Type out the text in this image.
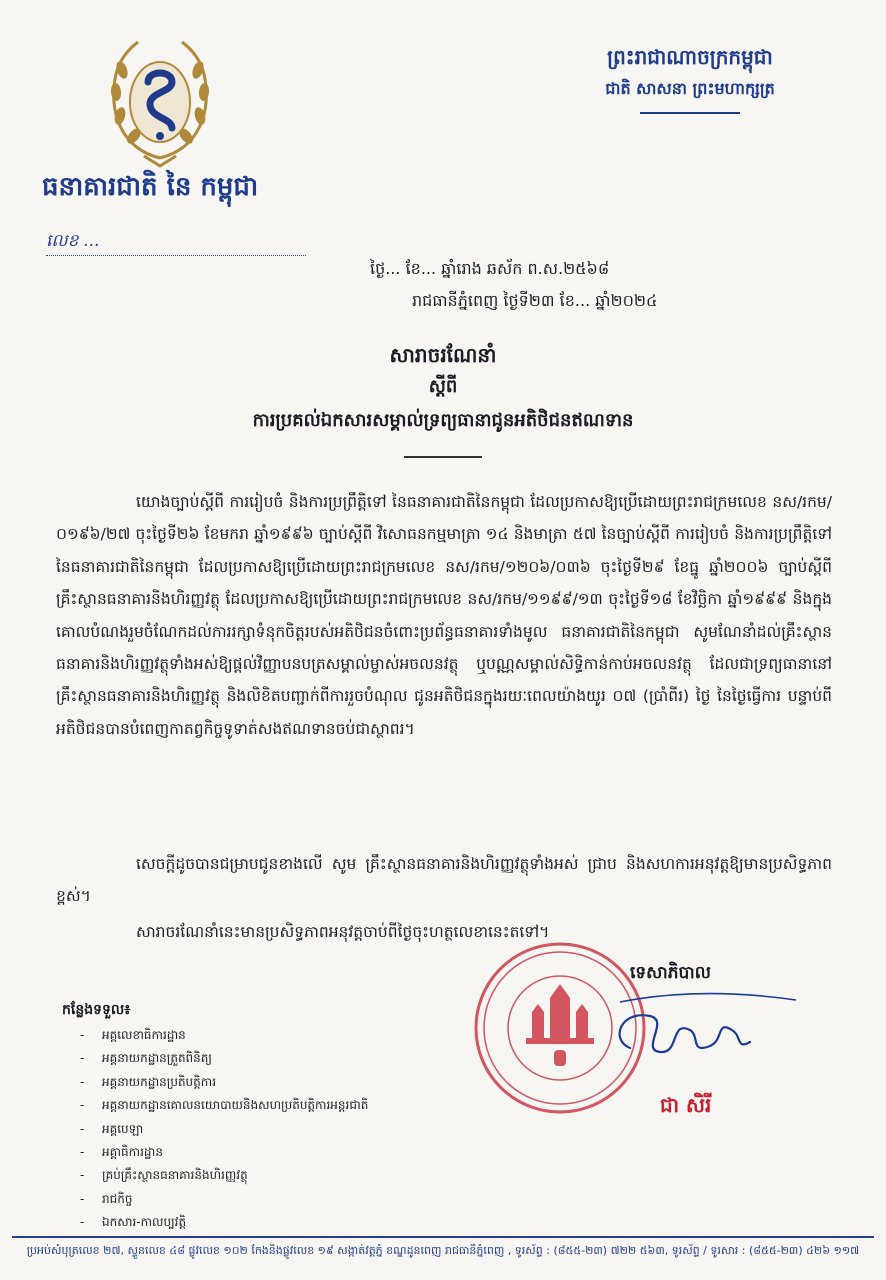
ធនាគារជាតិ នៃ កម្ពុជា
លេខ ...
ព្រះរាជាណាចក្រកម្ពុជា
ជាតិ សាសនា ព្រះមហាក្សត្រ
ថ្ងៃ... ខែ... ឆ្នាំរោង ឆស័ក ព.ស.២៥៦៨
រាជធានីភ្នំពេញ ថ្ងៃទី២៣ ខែ... ឆ្នាំ២០២៤
សារាចរណែនាំ
ស្តីពី
ការប្រគល់ឯកសារសម្គាល់ទ្រព្យធានាជូនអតិថិជនឥណទាន
យោងច្បាប់ស្តីពី ការរៀបចំ និងការប្រព្រឹត្តិទៅ នៃធនាគារជាតិនៃកម្ពុជា ដែលប្រកាសឱ្យប្រើដោយព្រះរាជក្រមលេខ នស/រកម/០១៩៦/២៧ ចុះថ្ងៃទី២៦ ខែមករា ឆ្នាំ១៩៩៦ ច្បាប់ស្តីពី វិសោធនកម្មមាត្រា ១៤ និងមាត្រា ៥៧ នៃច្បាប់ស្តីពី ការរៀបចំ និងការប្រព្រឹត្តិទៅនៃធនាគារជាតិនៃកម្ពុជា ដែលប្រកាសឱ្យប្រើដោយព្រះរាជក្រមលេខ នស/រកម/១២០៦/០៣៦ ចុះថ្ងៃទី២៩ ខែធ្នូ ឆ្នាំ២០០៦ ច្បាប់ស្តីពី គ្រឹះស្ថានធនាគារនិងហិរញ្ញវត្ថុ ដែលប្រកាសឱ្យប្រើដោយព្រះរាជក្រមលេខ នស/រកម/១១៩៩/១៣ ចុះថ្ងៃទី១៨ ខែវិច្ឆិកា ឆ្នាំ១៩៩៩ និងក្នុងគោលបំណងរួមចំណែកដល់ការរក្សាទំនុកចិត្តរបស់អតិថិជនចំពោះប្រព័ន្ធធនាគារទាំងមូល ធនាគារជាតិនៃកម្ពុជា សូមណែនាំដល់គ្រឹះស្ថានធនាគារនិងហិរញ្ញវត្ថុទាំងអស់ឱ្យផ្តល់វិញ្ញាបនបត្រសម្គាល់ម្ចាស់អចលនវត្ថុ ឬបណ្ណសម្គាល់សិទ្ធិកាន់កាប់អចលនវត្ថុ ដែលជាទ្រព្យធានានៅគ្រឹះស្ថានធនាគារនិងហិរញ្ញវត្ថុ និងលិខិតបញ្ជាក់ពីការរួចបំណុល ជូនអតិថិជនក្នុងរយៈពេលយ៉ាងយូរ ០៧ (ប្រាំពីរ) ថ្ងៃ នៃថ្ងៃធ្វើការ បន្ទាប់ពីអតិថិជនបានបំពេញកាតព្វកិច្ចទូទាត់សងឥណទានចប់ជាស្ថាពរ។
សេចក្តីដូចបានជម្រាបជូនខាងលើ សូម គ្រឹះស្ថានធនាគារនិងហិរញ្ញវត្ថុទាំងអស់ ជ្រាប និងសហការអនុវត្តឱ្យមានប្រសិទ្ធភាពខ្ពស់។
សារាចរណែនាំនេះមានប្រសិទ្ធភាពអនុវត្តចាប់ពីថ្ងៃចុះហត្ថលេខានេះតទៅ។
ទេសាភិបាល
ជា សិរី
កន្លែងទទួល៖
- អគ្គលេខាធិការដ្ឋាន
- អគ្គនាយកដ្ឋានត្រួតពិនិត្យ
- អគ្គនាយកដ្ឋានប្រតិបត្តិការ
- អគ្គនាយកដ្ឋានគោលនយោបាយនិងសហប្រតិបត្តិការអន្តរជាតិ
- អគ្គបេឡា
- អគ្គាធិការដ្ឋាន
- គ្រប់គ្រឹះស្ថានធនាគារនិងហិរញ្ញវត្ថុ
- រាជកិច្ច
- ឯកសារ-កាលប្បវត្តិ
ប្រអប់សំបុត្រលេខ ២៧, ស្ទួនលេខ ៤៨ ផ្លូវលេខ ១០២ កែងនិងផ្លូវលេខ ១៩ សង្កាត់វត្តភ្នំ ខណ្ឌដូនពេញ រាជធានីភ្នំពេញ , ទូរស័ព្ទ : (៨៥៥-២៣) ៧២២ ៥៦៣, ទូរស័ព្ទ / ទូរសារ : (៨៥៥-២៣) ៤២៦ ១១៧
